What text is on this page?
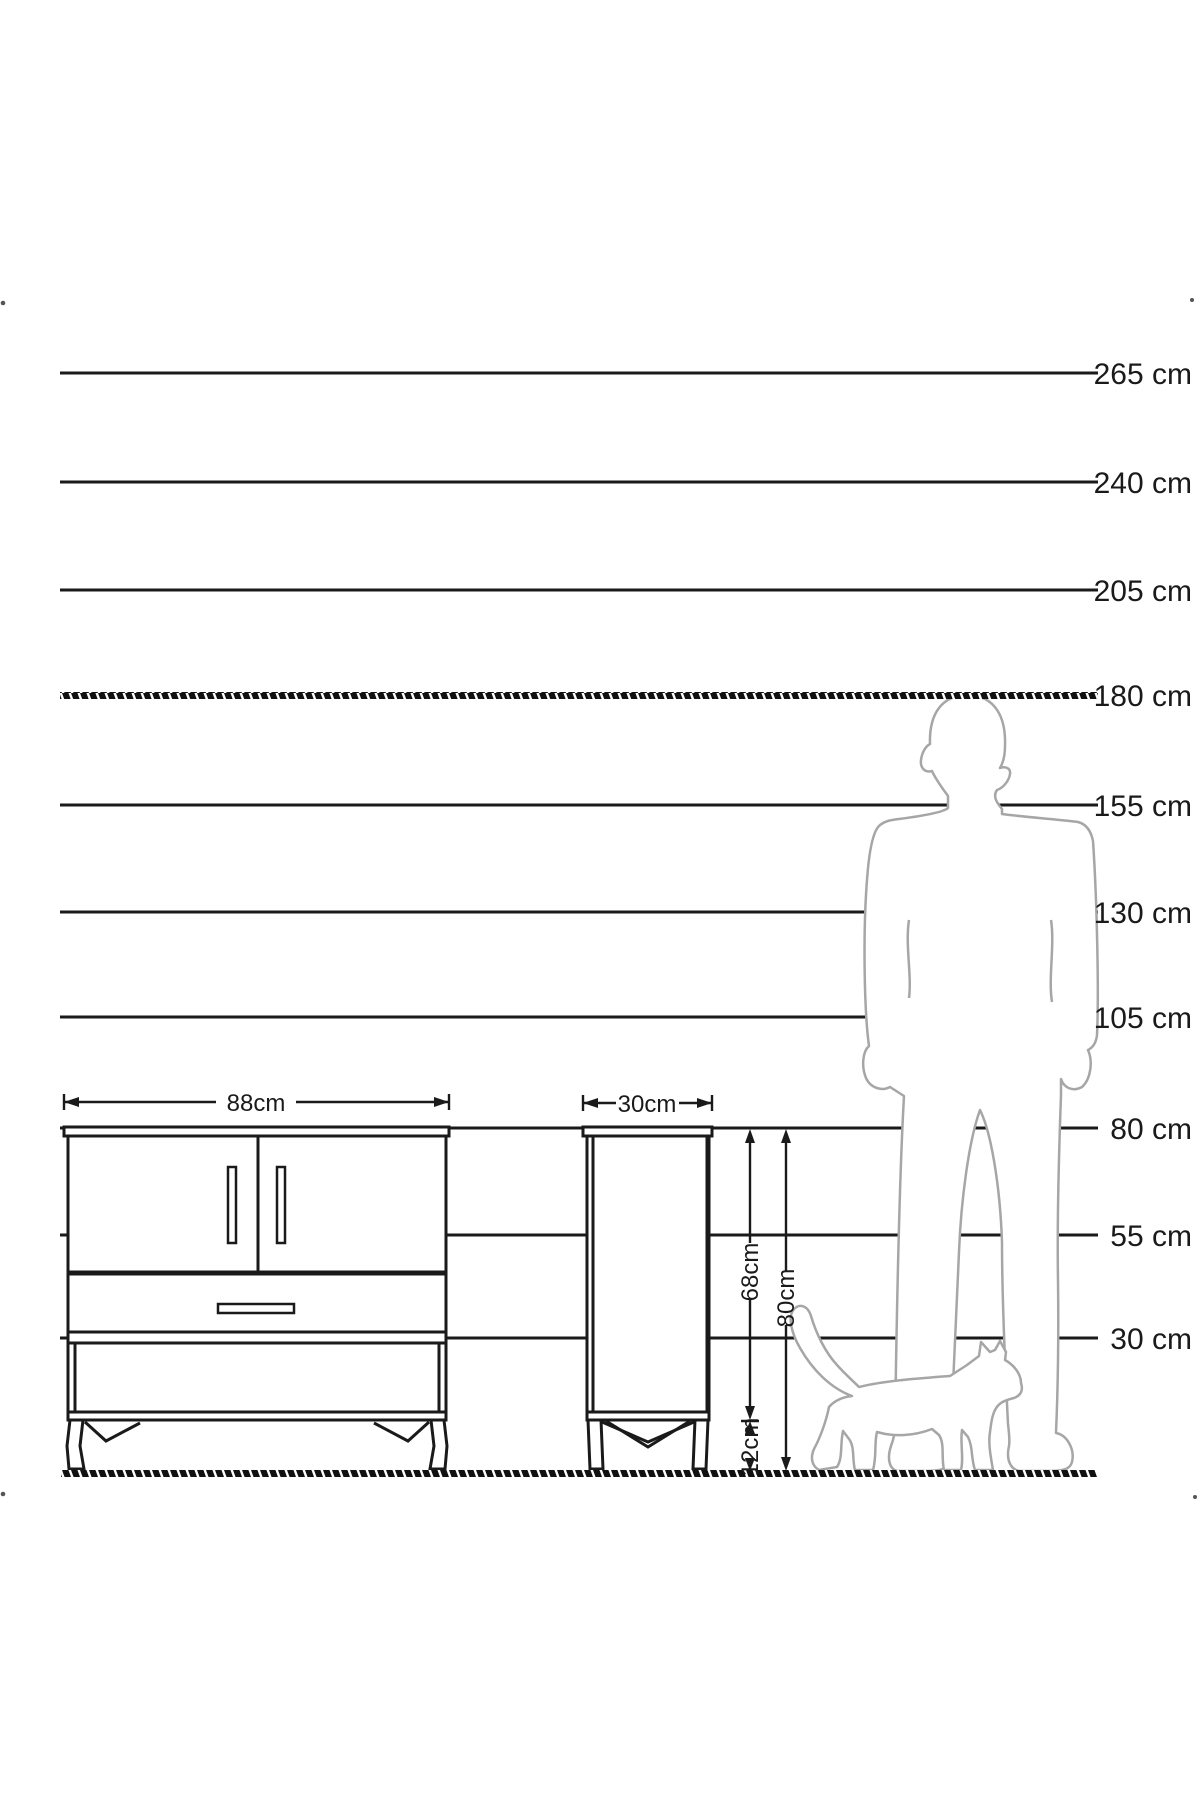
265 cm
240 cm
205 cm
180 cm
155 cm
130 cm
105 cm
80 cm
55 cm
30 cm
88cm	30cm
68cm
12cm
80cm
